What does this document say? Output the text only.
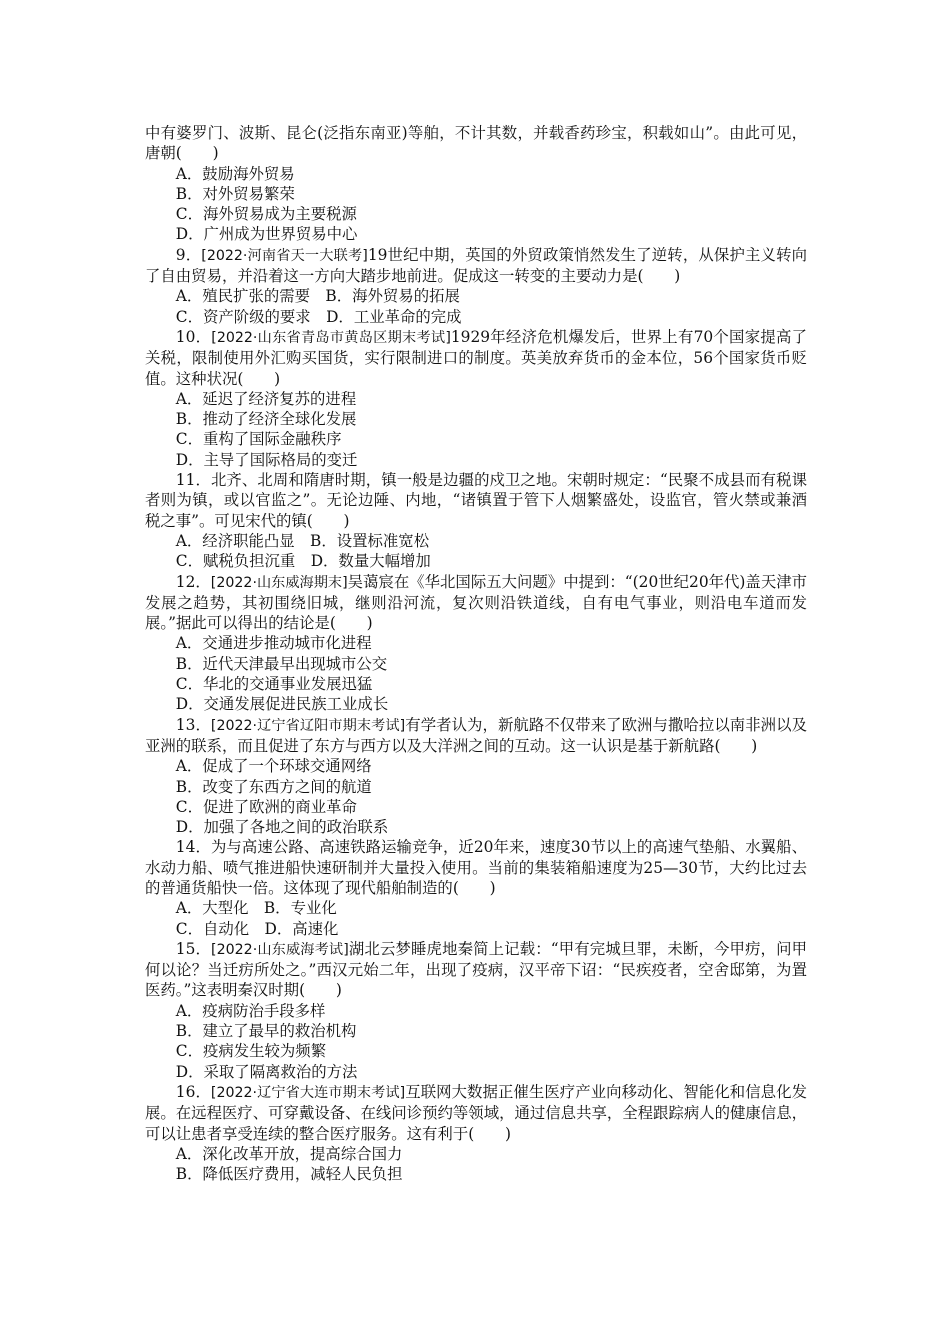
中有婆罗门、波斯、昆仑(泛指东南亚)等舶，不计其数，并载香药珍宝，积载如山”。由此可见，唐朝(　　)

A．鼓励海外贸易

B．对外贸易繁荣

C．海外贸易成为主要税源

D．广州成为世界贸易中心

9．[2022·河南省天一大联考]19世纪中期，英国的外贸政策悄然发生了逆转，从保护主义转向了自由贸易，并沿着这一方向大踏步地前进。促成这一转变的主要动力是(　　)

A．殖民扩张的需要　B．海外贸易的拓展

C．资产阶级的要求　D．工业革命的完成

10．[2022·山东省青岛市黄岛区期末考试]1929年经济危机爆发后，世界上有70个国家提高了关税，限制使用外汇购买国货，实行限制进口的制度。英美放弃货币的金本位，56个国家货币贬值。这种状况(　　)

A．延迟了经济复苏的进程

B．推动了经济全球化发展

C．重构了国际金融秩序

D．主导了国际格局的变迁

11．北齐、北周和隋唐时期，镇一般是边疆的戍卫之地。宋朝时规定：“民聚不成县而有税课者则为镇，或以官监之”。无论边陲、内地，“诸镇置于管下人烟繁盛处，设监官，管火禁或兼酒税之事”。可见宋代的镇(　　)

A．经济职能凸显　B．设置标准宽松

C．赋税负担沉重　D．数量大幅增加

12．[2022·山东威海期末]吴蔼宸在《华北国际五大问题》中提到：“(20世纪20年代)盖天津市发展之趋势，其初围绕旧城，继则沿河流，复次则沿铁道线，自有电气事业，则沿电车道而发展。”据此可以得出的结论是(　　)

A．交通进步推动城市化进程

B．近代天津最早出现城市公交

C．华北的交通事业发展迅猛

D．交通发展促进民族工业成长

13．[2022·辽宁省辽阳市期末考试]有学者认为，新航路不仅带来了欧洲与撒哈拉以南非洲以及亚洲的联系，而且促进了东方与西方以及大洋洲之间的互动。这一认识是基于新航路(　　)

A．促成了一个环球交通网络

B．改变了东西方之间的航道

C．促进了欧洲的商业革命

D．加强了各地之间的政治联系

14．为与高速公路、高速铁路运输竞争，近20年来，速度30节以上的高速气垫船、水翼船、水动力船、喷气推进船快速研制并大量投入使用。当前的集装箱船速度为25—30节，大约比过去的普通货船快一倍。这体现了现代船舶制造的(　　)

A．大型化　B．专业化

C．自动化　D．高速化

15．[2022·山东威海考试]湖北云梦睡虎地秦简上记载：“甲有完城旦罪，未断，今甲疠，问甲何以论？当迁疠所处之。”西汉元始二年，出现了疫病，汉平帝下诏：“民疾疫者，空舍邸第，为置医药。”这表明秦汉时期(　　)

A．疫病防治手段多样

B．建立了最早的救治机构

C．疫病发生较为频繁

D．采取了隔离救治的方法

16．[2022·辽宁省大连市期末考试]互联网大数据正催生医疗产业向移动化、智能化和信息化发展。在远程医疗、可穿戴设备、在线问诊预约等领域，通过信息共享，全程跟踪病人的健康信息，可以让患者享受连续的整合医疗服务。这有利于(　　)

A．深化改革开放，提高综合国力

B．降低医疗费用，减轻人民负担
